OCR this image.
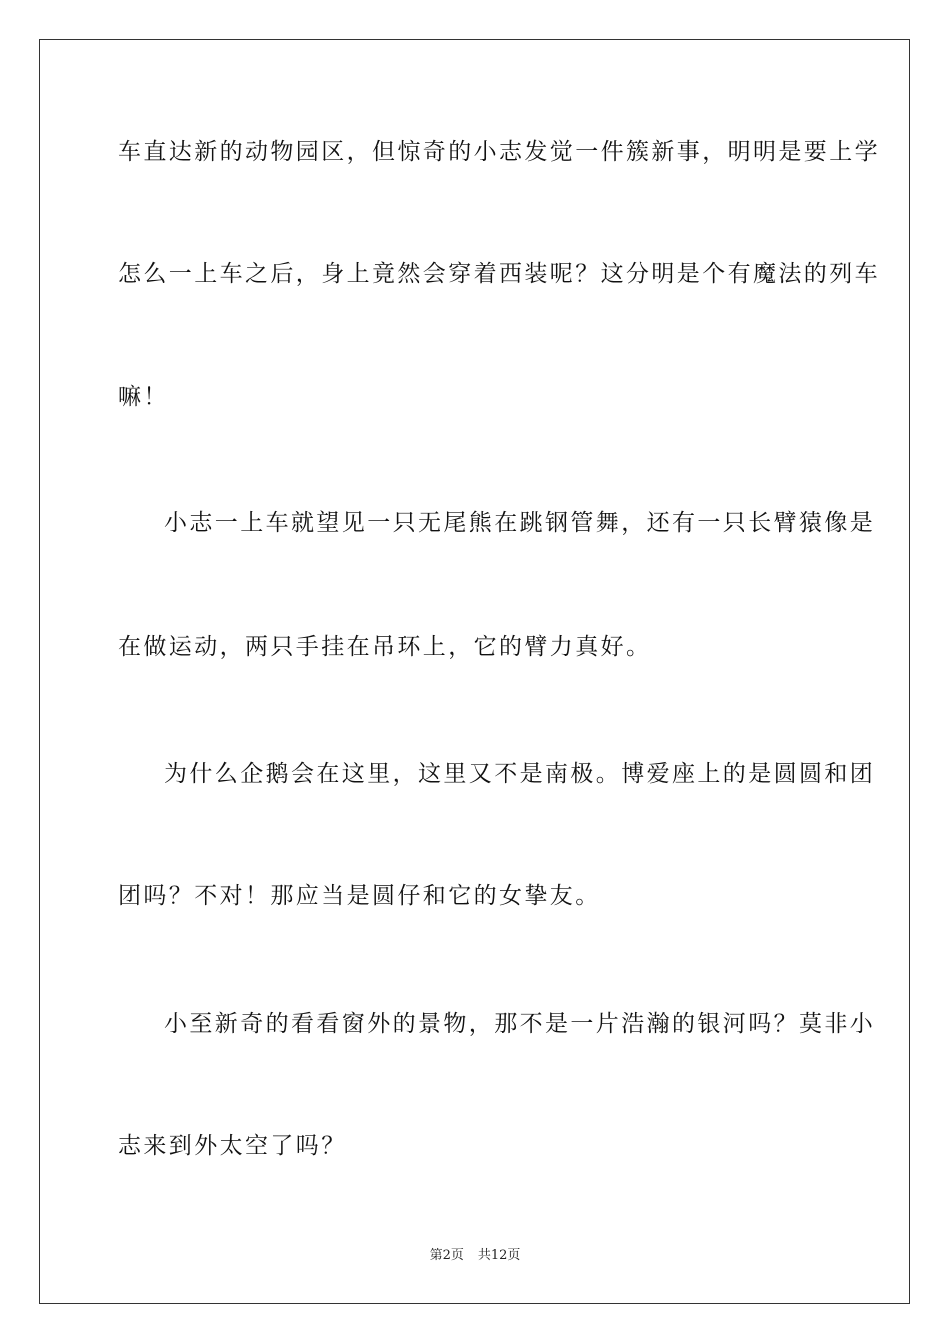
车直达新的动物园区，但惊奇的小志发觉一件簇新事，明明是要上学
怎么一上车之后，身上竟然会穿着西装呢？这分明是个有魔法的列车
嘛！
小志一上车就望见一只无尾熊在跳钢管舞，还有一只长臂猿像是
在做运动，两只手挂在吊环上，它的臂力真好。
为什么企鹅会在这里，这里又不是南极。博爱座上的是圆圆和团
团吗？不对！那应当是圆仔和它的女挚友。
小至新奇的看看窗外的景物，那不是一片浩瀚的银河吗？莫非小
志来到外太空了吗？
第2页 共12页
